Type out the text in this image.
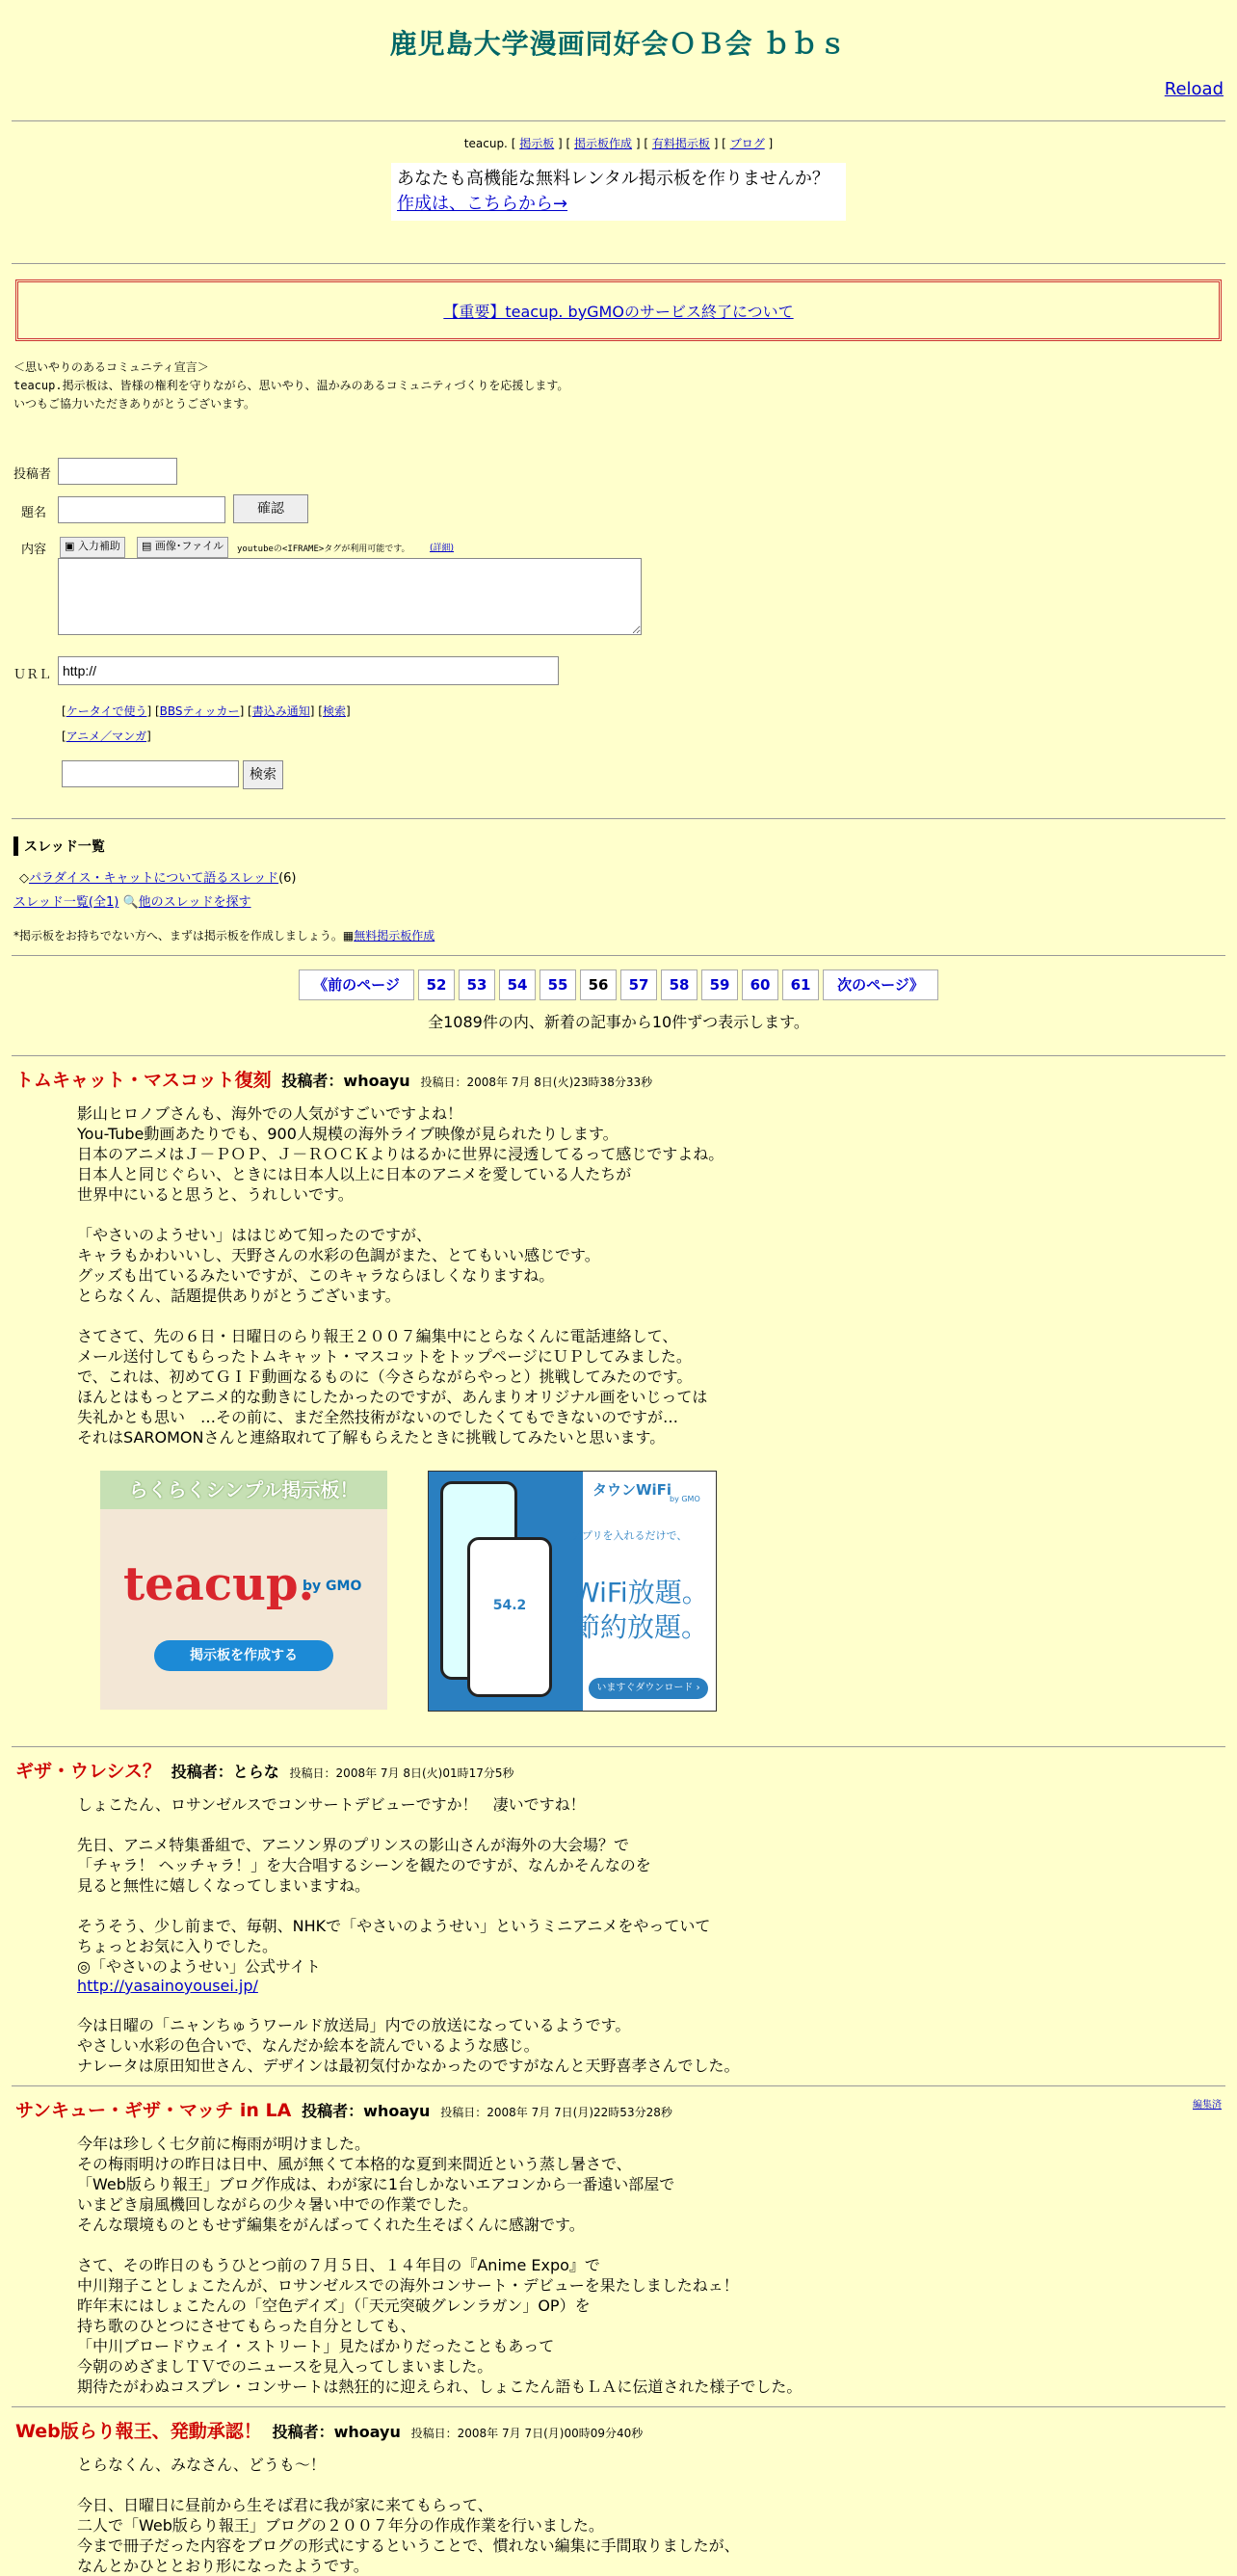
鹿児島大学漫画同好会ＯＢ会 ｂｂｓ
Reload
teacup. [ 掲示板 ] [ 掲示板作成 ] [ 有料掲示板 ] [ ブログ ]
あなたも高機能な無料レンタル掲示板を作りませんか？
作成は、こちらから→
【重要】teacup. byGMOのサービス終了について
＜思いやりのあるコミュニティ宣言＞
teacup.掲示板は、皆様の権利を守りながら、思いやり、温かみのあるコミュニティづくりを応援します。
いつもご協力いただきありがとうございます。
投稿者
題名	確認
内容	▣ 入力補助	▤ 画像･ファイル	youtubeの<IFRAME>タグが利用可能です。 (詳細)
ＵＲＬ
http://
[ケータイで使う] [BBSティッカー] [書込み通知] [検索]
[アニメ／マンガ]
検索
スレッド一覧
◇パラダイス・キャットについて語るスレッド(6)
スレッド一覧(全1) 🔍他のスレッドを探す
*掲示板をお持ちでない方へ、まずは掲示板を作成しましょう。▦無料掲示板作成
《前のページ	52	53	54	55	56	57	58	59	60	61	次のページ》
全1089件の内、新着の記事から10件ずつ表示します。
トムキャット・マスコット復刻 投稿者：whoayu 投稿日：2008年 7月 8日(火)23時38分33秒
影山ヒロノブさんも、海外での人気がすごいですよね！
You-Tube動画あたりでも、900人規模の海外ライブ映像が見られたりします。
日本のアニメはＪ－ＰＯＰ、Ｊ－ＲＯＣＫよりはるかに世界に浸透してるって感じですよね。
日本人と同じぐらい、ときには日本人以上に日本のアニメを愛している人たちが
世界中にいると思うと、うれしいです。

「やさいのようせい」ははじめて知ったのですが、
キャラもかわいいし、天野さんの水彩の色調がまた、とてもいい感じです。
グッズも出ているみたいですが、このキャラならほしくなりますね。
とらなくん、話題提供ありがとうございます。

さてさて、先の６日・日曜日のらり報王２００７編集中にとらなくんに電話連絡して、
メール送付してもらったトムキャット・マスコットをトップページにＵＰしてみました。
で、これは、初めてＧＩＦ動画なるものに（今さらながらやっと）挑戦してみたのです。
ほんとはもっとアニメ的な動きにしたかったのですが、あんまりオリジナル画をいじっては
失礼かとも思い　…その前に、まだ全然技術がないのでしたくてもできないのですが…
それはSAROMONさんと連絡取れて了解もらえたときに挑戦してみたいと思います。
らくらくシンプル掲示板！
teacup.
by GMO
掲示板を作成する
54.2
タウンWiFi
by GMO
アプリを入れるだけで、
WiFi放題。
節約放題。
いますぐダウンロード ›
ギザ・ウレシス？ 投稿者：とらな 投稿日：2008年 7月 8日(火)01時17分5秒
しょこたん、ロサンゼルスでコンサートデビューですか！　凄いですね！

先日、アニメ特集番組で、アニソン界のプリンスの影山さんが海外の大会場？で
「チャラ！ ヘッチャラ！」を大合唱するシーンを観たのですが、なんかそんなのを
見ると無性に嬉しくなってしまいますね。

そうそう、少し前まで、毎朝、NHKで「やさいのようせい」というミニアニメをやっていて
ちょっとお気に入りでした。
◎「やさいのようせい」公式サイト
http://yasainoyousei.jp/
今は日曜の「ニャンちゅうワールド放送局」内での放送になっているようです。
やさしい水彩の色合いで、なんだか絵本を読んでいるような感じ。
ナレータは原田知世さん、デザインは最初気付かなかったのですがなんと天野喜孝さんでした。
サンキュー・ギザ・マッチ in LA 投稿者：whoayu 投稿日：2008年 7月 7日(月)22時53分28秒
編集済
今年は珍しく七夕前に梅雨が明けました。
その梅雨明けの昨日は日中、風が無くて本格的な夏到来間近という蒸し暑さで、
「Web版らり報王」ブログ作成は、わが家に1台しかないエアコンから一番遠い部屋で
いまどき扇風機回しながらの少々暑い中での作業でした。
そんな環境ものともせず編集をがんばってくれた生そばくんに感謝です。

さて、その昨日のもうひとつ前の７月５日、１４年目の『Anime Expo』で
中川翔子ことしょこたんが、ロサンゼルスでの海外コンサート・デビューを果たしましたねェ！
昨年末にはしょこたんの「空色デイズ」（「天元突破グレンラガン」OP）を
持ち歌のひとつにさせてもらった自分としても、
「中川ブロードウェイ・ストリート」見たばかりだったこともあって
今朝のめざましＴＶでのニュースを見入ってしまいました。
期待たがわぬコスプレ・コンサートは熱狂的に迎えられ、しょこたん語もＬＡに伝道された様子でした。
Web版らり報王、発動承認！ 投稿者：whoayu 投稿日：2008年 7月 7日(月)00時09分40秒
とらなくん、みなさん、どうも～！

今日、日曜日に昼前から生そば君に我が家に来てもらって、
二人で「Web版らり報王」ブログの２００７年分の作成作業を行いました。
今まで冊子だった内容をブログの形式にするということで、慣れない編集に手間取りましたが、
なんとかひととおり形になったようです。
